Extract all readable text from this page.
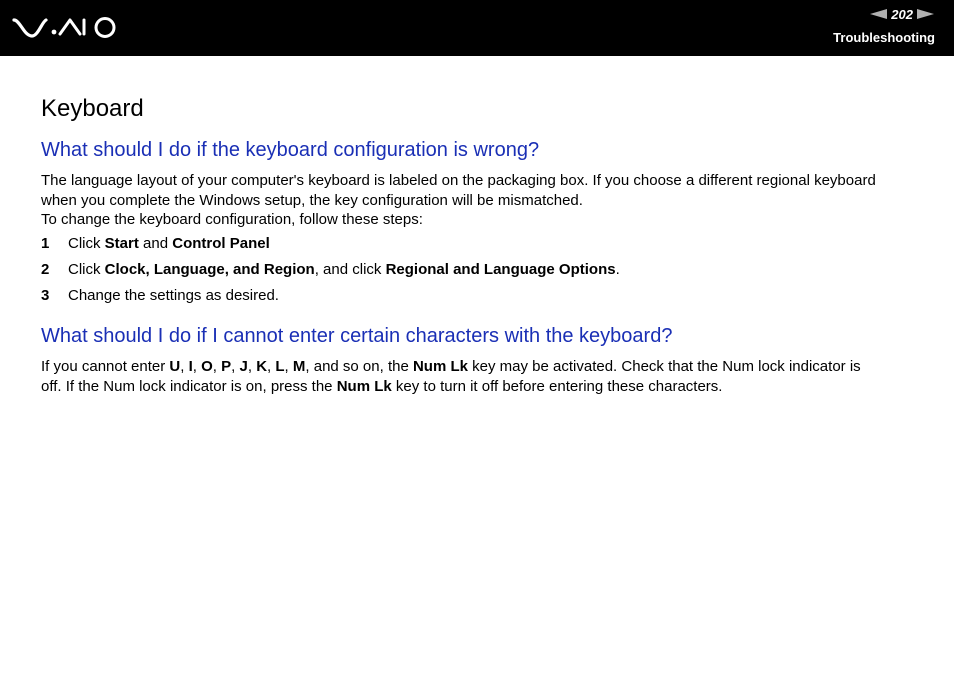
202
Troubleshooting
Keyboard
What should I do if the keyboard configuration is wrong?
The language layout of your computer's keyboard is labeled on the packaging box. If you choose a different regional keyboard
when you complete the Windows setup, the key configuration will be mismatched.
To change the keyboard configuration, follow these steps:
1 Click Start and Control Panel
2 Click Clock, Language, and Region, and click Regional and Language Options.
3 Change the settings as desired.
What should I do if I cannot enter certain characters with the keyboard?
If you cannot enter U, I, O, P, J, K, L, M, and so on, the Num Lk key may be activated. Check that the Num lock indicator is
off. If the Num lock indicator is on, press the Num Lk key to turn it off before entering these characters.
